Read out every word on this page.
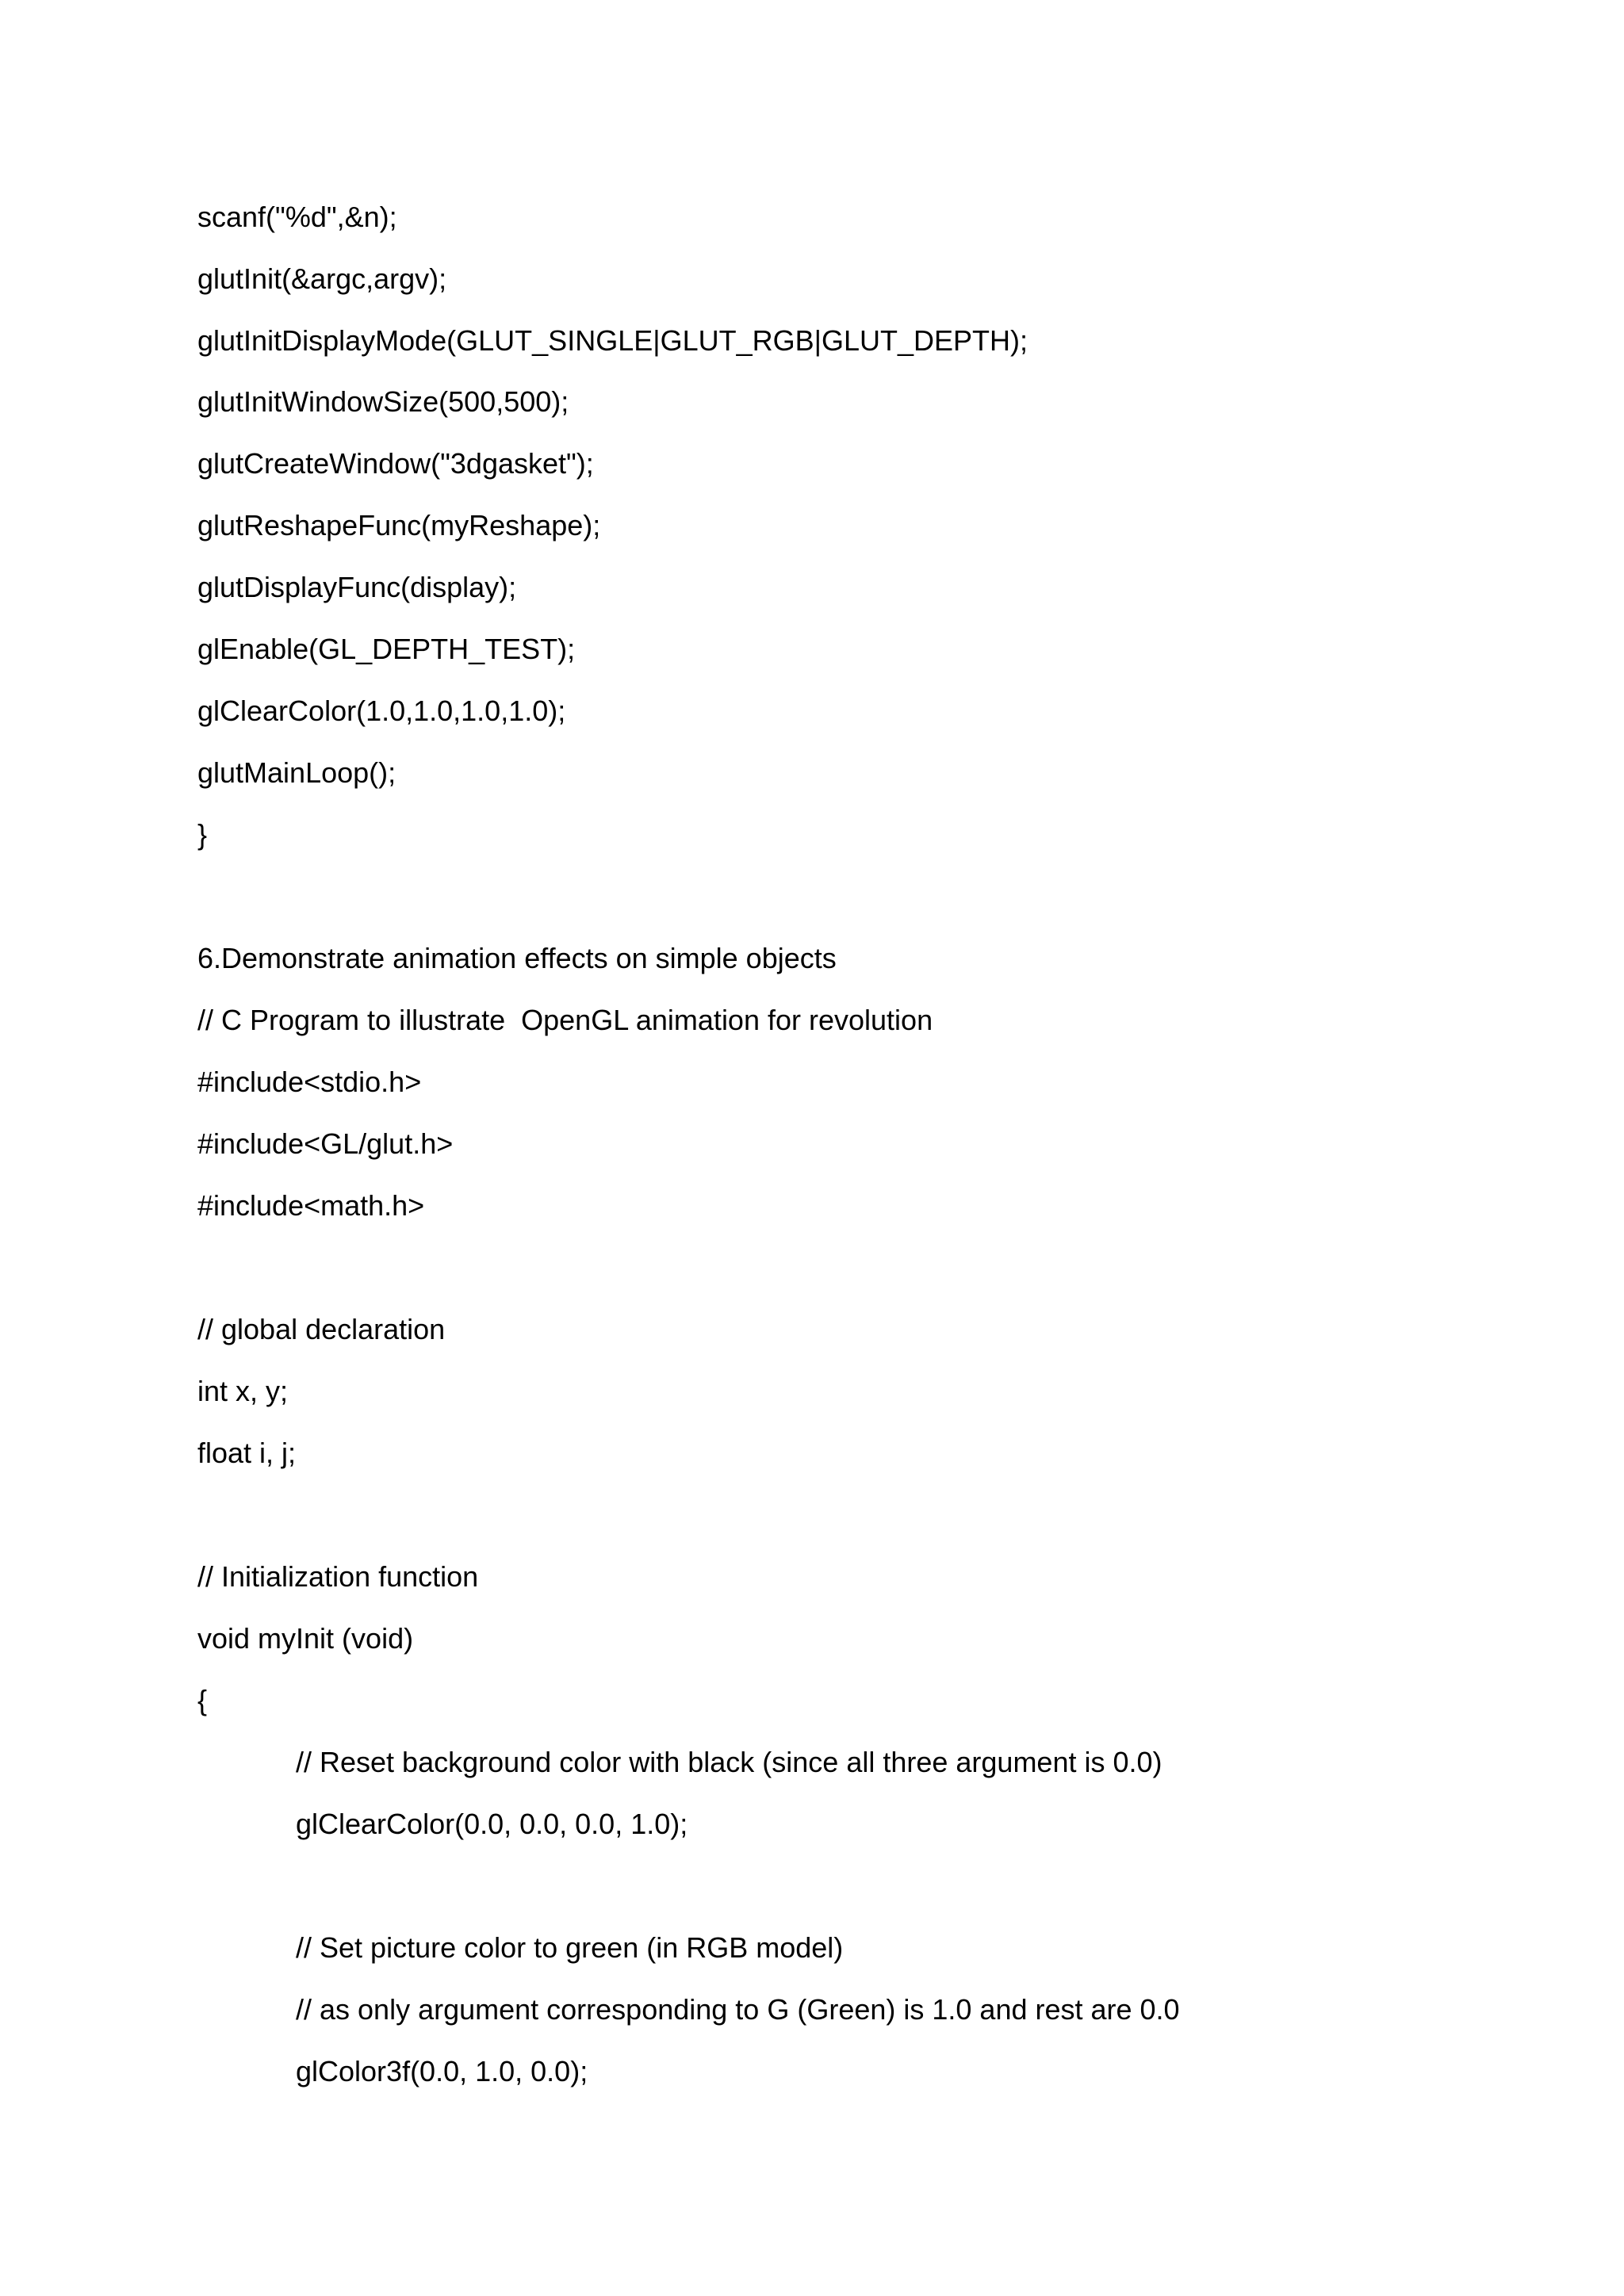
scanf("%d",&n);
glutInit(&argc,argv);
glutInitDisplayMode(GLUT_SINGLE|GLUT_RGB|GLUT_DEPTH);
glutInitWindowSize(500,500);
glutCreateWindow("3dgasket");
glutReshapeFunc(myReshape);
glutDisplayFunc(display);
glEnable(GL_DEPTH_TEST);
glClearColor(1.0,1.0,1.0,1.0);
glutMainLoop();
}
6.Demonstrate animation effects on simple objects
// C Program to illustrate  OpenGL animation for revolution
#include<stdio.h>
#include<GL/glut.h>
#include<math.h>
// global declaration
int x, y;
float i, j;
// Initialization function
void myInit (void)
{
// Reset background color with black (since all three argument is 0.0)
glClearColor(0.0, 0.0, 0.0, 1.0);
// Set picture color to green (in RGB model)
// as only argument corresponding to G (Green) is 1.0 and rest are 0.0
glColor3f(0.0, 1.0, 0.0);
